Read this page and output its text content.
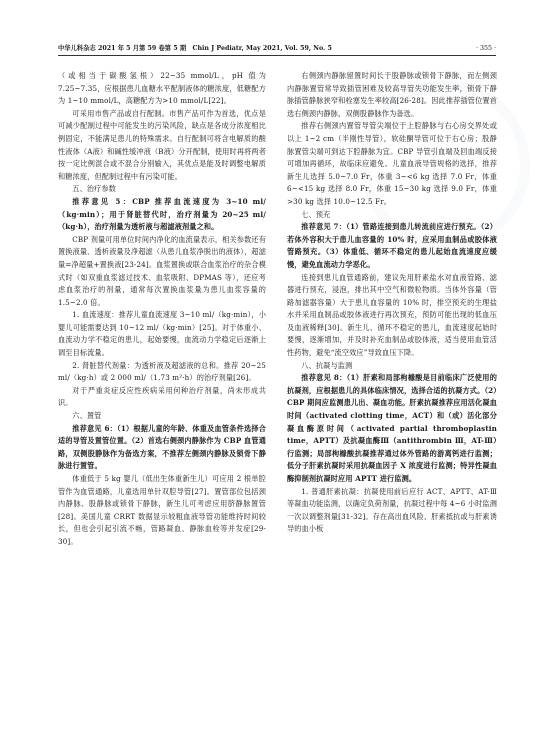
中华儿科杂志 2021 年 5 月第 59 卷第 5 期　Chin J Pediatr, May 2021, Vol. 59, No. 5	· 355 ·

（或相当于碳酸氢根）22~35 mmol/L，pH 值为 7.25~7.35，应根据患儿血糖水平配制液体的糖浓度，低糖配方为 1~10 mmol/L，高糖配方为>10 mmol/L[22]。

可采用市售产品或自行配制。市售产品可作为首选，优点是可减少配制过程中可能发生的污染风险，缺点是各成分浓度相比例固定，不能满足患儿的特殊需求。自行配制可将含电解质的酸性液体（A液）和碱性缓冲液（B液）分开配制，使用时再将两者按一定比例混合或不混合分别输入，其优点是能及时调整电解质和糖浓度，但配制过程中有污染可能。

五、治疗参数

推荐意见 5：CBP 推荐血流速度为 3~10 ml/（kg·min）；用于肾脏替代时，治疗剂量为 20~25 ml/（kg·h），治疗剂量为透析液与超滤液剂量之和。

CBP 剂量可用单位时间内净化的血流量表示，相关参数还有置换液量、透析液量及净超滤（从患儿血浆净脱出的液体），超滤量=净超量+置换液[23-24]。血浆置换或联合血浆治疗的杂合模式时（如双重血浆滤过技术、血浆吸附、DPMAS 等），还应考虑血浆治疗的剂量，通常每次置换血浆量为患儿血浆容量的 1.5~2.0 倍。

1. 血流速度：推荐儿童血流速度 3~10 ml/（kg·min），小婴儿可能需要达到 10~12 ml/（kg·min）[25]。对于体重小、血流动力学不稳定的患儿，起始要慢，血流动力学稳定后逐渐上调至目标流量。

2. 肾脏替代剂量：为透析液及超滤液的总和。推荐 20~25 ml/（kg·h）或 2 000 ml/（1.73 m²·h）的治疗剂量[26]。

对于严重炎症反应性疾病采用何种治疗剂量，尚未形成共识。

六、置管

推荐意见 6：（1）根据儿童的年龄、体重及血管条件选择合适的导管及置管位置。（2）首选右侧颈内静脉作为 CBP 血管通路，双侧股静脉作为备选方案，不推荐左侧颈内静脉及锁骨下静脉进行置管。

体重低于 5 kg 婴儿（低出生体重新生儿）可应用 2 根单腔管作为血管通路，儿童选用单针双腔导管[27]。置管部位包括颈内静脉、股静脉或锁骨下静脉，新生儿可考虑应用脐静脉置管[28]。美国儿童 CRRT 数据显示较粗血液导管功能维持时间较长，但也会引起引流不畅，管路凝血、静脉血栓等并发症[29-30]。

右侧颈内静脉留置时间长于股静脉或锁骨下静脉，而左侧颈内静脉置管常导致插管困难及较高导管失功能发生率，锁骨下静脉插管静脉狭窄和栓塞发生率较高[26-28]。因此推荐插管位置首选右侧颈内静脉，双侧股静脉作为备选。

推荐右侧颈内置管导管尖端位于上腔静脉与右心房交界处或以上 1~2 cm（半刚性导管），软硅酮导管可位于右心房；股静脉置管尖端可到达下腔静脉为宜。CBP 导管引血端及回血端反接可增加再循环，故临床应避免。儿童血液导管规格的选择，推荐新生儿选择 5.0~7.0 Fr，体重 3~<6 kg 选择 7.0 Fr，体重 6~<15 kg 选择 8.0 Fr，体重 15~30 kg 选择 9.0 Fr，体重>30 kg 选择 10.0~12.5 Fr。

七、预充

推荐意见 7：（1）管路连接到患儿转流前应进行预充。（2）若体外容积大于患儿血容量的 10% 时，应采用血制品或胶体液管路预充。（3）体重低、循环不稳定的患儿起始血流速度应缓慢，避免血流动力学恶化。

连接到患儿血管通路前，建议先用肝素盐水对血液管路、滤器进行预充，浸泡，排出其中空气和微粒物质。当体外容量（管路加滤器容量）大于患儿血容量的 10% 时，排空预充的生理盐水并采用血制品或胶体液进行再次预充，预防可能出现的低血压及血液稀释[30]。新生儿、循环不稳定的患儿，血流速度起始时要慢，逐渐增加，并及时补充血制品或胶体液，适当使用血管活性药物，避免“流空效应”导致血压下降。

八、抗凝与监测

推荐意见 8：（1）肝素和局部枸橼酸是目前临床广泛使用的抗凝剂，应根据患儿的具体临床情况，选择合适的抗凝方式。（2）CBP 期间应监测患儿出、凝血功能。肝素抗凝推荐应用活化凝血时间（activated clotting time，ACT）和（或）活化部分凝血酶原时间（activated partial thromboplastin time，APTT）及抗凝血酶Ⅲ（antithrombin Ⅲ，AT-Ⅲ）行监测；局部枸橼酸抗凝推荐通过体外管路的游离钙进行监测；低分子肝素抗凝时采用抗凝血因子 X 浓度进行监测；特异性凝血酶抑制剂抗凝时应用 APTT 进行监测。

1. 普通肝素抗凝：抗凝使用前后应行 ACT、APTT、AT-Ⅲ等凝血功能监测，以确定负荷剂量，抗凝过程中每 4~6 小时监测一次以调整剂量[31-32]。存在高出血风险、肝素抵抗或与肝素诱导的血小板
